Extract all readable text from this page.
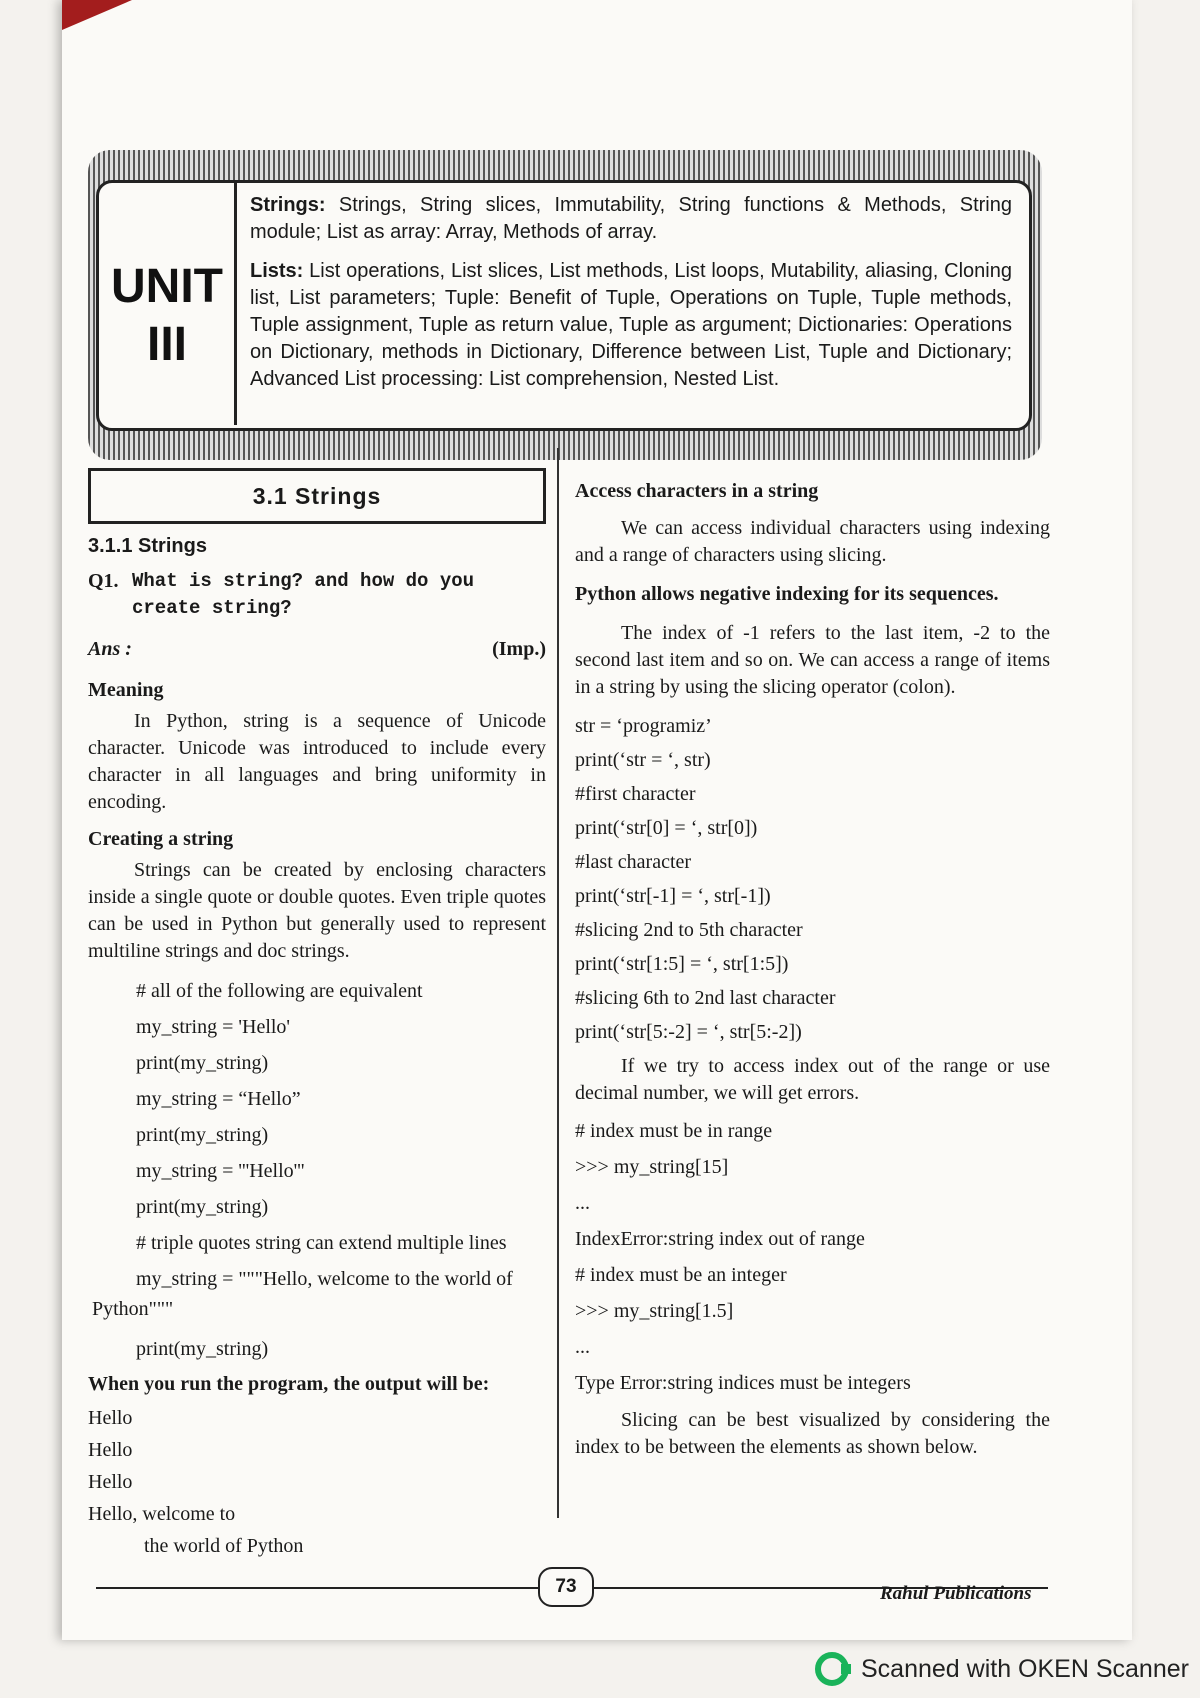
UNIT
III

Strings: Strings, String slices, Immutability, String functions & Methods, String module; List as array: Array, Methods of array.

Lists: List operations, List slices, List methods, List loops, Mutability, aliasing, Cloning list, List parameters; Tuple: Benefit of Tuple, Operations on Tuple, Tuple methods, Tuple assignment, Tuple as return value, Tuple as argument; Dictionaries: Operations on Dictionary, methods in Dictionary, Difference between List, Tuple and Dictionary; Advanced List processing: List comprehension, Nested List.

3.1 Strings
3.1.1 Strings
Q1. What is string? and how do you create string?
Ans :	(Imp.)
Meaning
In Python, string is a sequence of Unicode character. Unicode was introduced to include every character in all languages and bring uniformity in encoding.
Creating a string
Strings can be created by enclosing characters inside a single quote or double quotes. Even triple quotes can be used in Python but generally used to represent multiline strings and doc strings.
# all of the following are equivalent
my_string = 'Hello'
print(my_string)
my_string = “Hello”
print(my_string)
my_string = '''Hello'''
print(my_string)
# triple quotes string can extend multiple lines
my_string = """Hello, welcome to the world of
Python"""
print(my_string)
When you run the program, the output will be:
Hello
Hello
Hello
Hello, welcome to
the world of Python
Access characters in a string
We can access individual characters using indexing and a range of characters using slicing.
Python allows negative indexing for its sequences.
The index of -1 refers to the last item, -2 to the second last item and so on. We can access a range of items in a string by using the slicing operator (colon).
str = ‘programiz’
print(‘str = ‘, str)
#first character
print(‘str[0] = ‘, str[0])
#last character
print(‘str[-1] = ‘, str[-1])
#slicing 2nd to 5th character
print(‘str[1:5] = ‘, str[1:5])
#slicing 6th to 2nd last character
print(‘str[5:-2] = ‘, str[5:-2])
If we try to access index out of the range or use decimal number, we will get errors.
# index must be in range
>>> my_string[15]
...
IndexError:string index out of range
# index must be an integer
>>> my_string[1.5]
...
Type Error:string indices must be integers
Slicing can be best visualized by considering the index to be between the elements as shown below.
73	Rahul Publications
Scanned with OKEN Scanner
